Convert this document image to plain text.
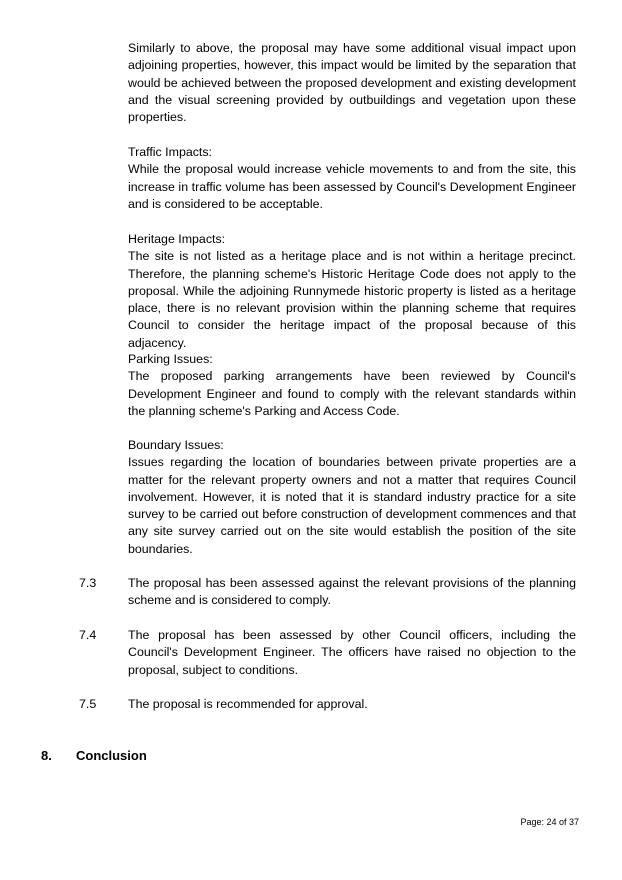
Similarly to above, the proposal may have some additional visual impact upon adjoining properties, however, this impact would be limited by the separation that would be achieved between the proposed development and existing development and the visual screening provided by outbuildings and vegetation upon these properties.

Traffic Impacts:
While the proposal would increase vehicle movements to and from the site, this increase in traffic volume has been assessed by Council's Development Engineer and is considered to be acceptable.
Heritage Impacts:
The site is not listed as a heritage place and is not within a heritage precinct. Therefore, the planning scheme's Historic Heritage Code does not apply to the proposal. While the adjoining Runnymede historic property is listed as a heritage place, there is no relevant provision within the planning scheme that requires Council to consider the heritage impact of the proposal because of this adjacency.
Parking Issues:
The proposed parking arrangements have been reviewed by Council's Development Engineer and found to comply with the relevant standards within the planning scheme's Parking and Access Code.
Boundary Issues:
Issues regarding the location of boundaries between private properties are a matter for the relevant property owners and not a matter that requires Council involvement. However, it is noted that it is standard industry practice for a site survey to be carried out before construction of development commences and that any site survey carried out on the site would establish the position of the site boundaries.
7.3	The proposal has been assessed against the relevant provisions of the planning scheme and is considered to comply.

7.4	The proposal has been assessed by other Council officers, including the Council's Development Engineer. The officers have raised no objection to the proposal, subject to conditions.

7.5	The proposal is recommended for approval.

8. Conclusion
Page: 24 of 37
